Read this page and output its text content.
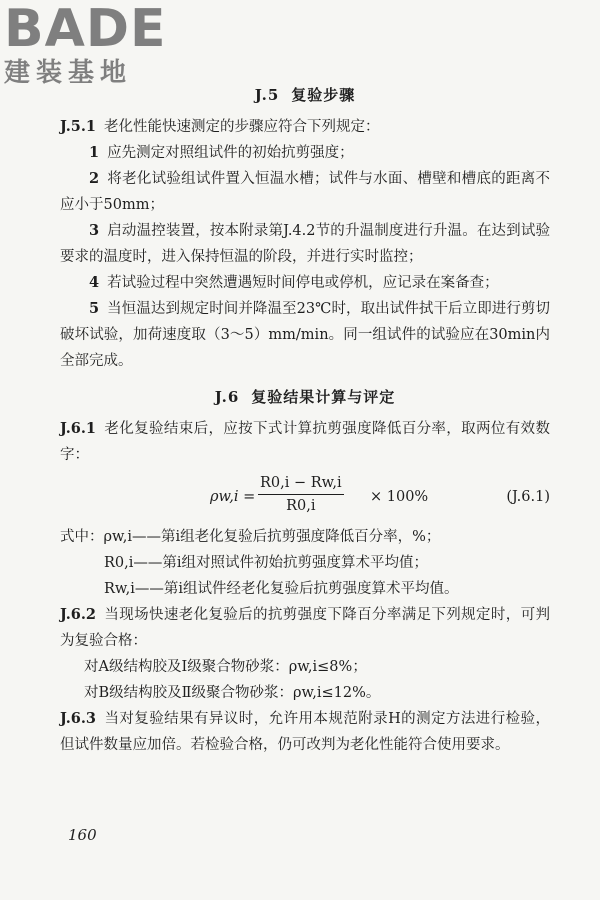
BADE
建装基地
J.5 复验步骤

J.5.1 老化性能快速测定的步骤应符合下列规定：

1 应先测定对照组试件的初始抗剪强度；

2 将老化试验组试件置入恒温水槽；试件与水面、槽壁和槽底的距离不应小于50mm；

3 启动温控装置，按本附录第J.4.2节的升温制度进行升温。在达到试验要求的温度时，进入保持恒温的阶段，并进行实时监控；

4 若试验过程中突然遭遇短时间停电或停机，应记录在案备查；

5 当恒温达到规定时间并降温至23℃时，取出试件拭干后立即进行剪切破坏试验，加荷速度取（3～5）mm/min。同一组试件的试验应在30min内全部完成。

J.6 复验结果计算与评定

J.6.1 老化复验结束后，应按下式计算抗剪强度降低百分率，取两位有效数字：

$\rho w,i = \frac{R0,i - Rw,i}{R0,i} \times 100\%$	(J.6.1)

式中：ρw,i——第i组老化复验后抗剪强度降低百分率，%；

R0,i——第i组对照试件初始抗剪强度算术平均值；

Rw,i——第i组试件经老化复验后抗剪强度算术平均值。

J.6.2 当现场快速老化复验后的抗剪强度下降百分率满足下列规定时，可判为复验合格：

对A级结构胶及Ⅰ级聚合物砂浆：ρw,i≤8%；

对B级结构胶及Ⅱ级聚合物砂浆：ρw,i≤12%。

J.6.3 当对复验结果有异议时，允许用本规范附录H的测定方法进行检验，但试件数量应加倍。若检验合格，仍可改判为老化性能符合使用要求。

160
